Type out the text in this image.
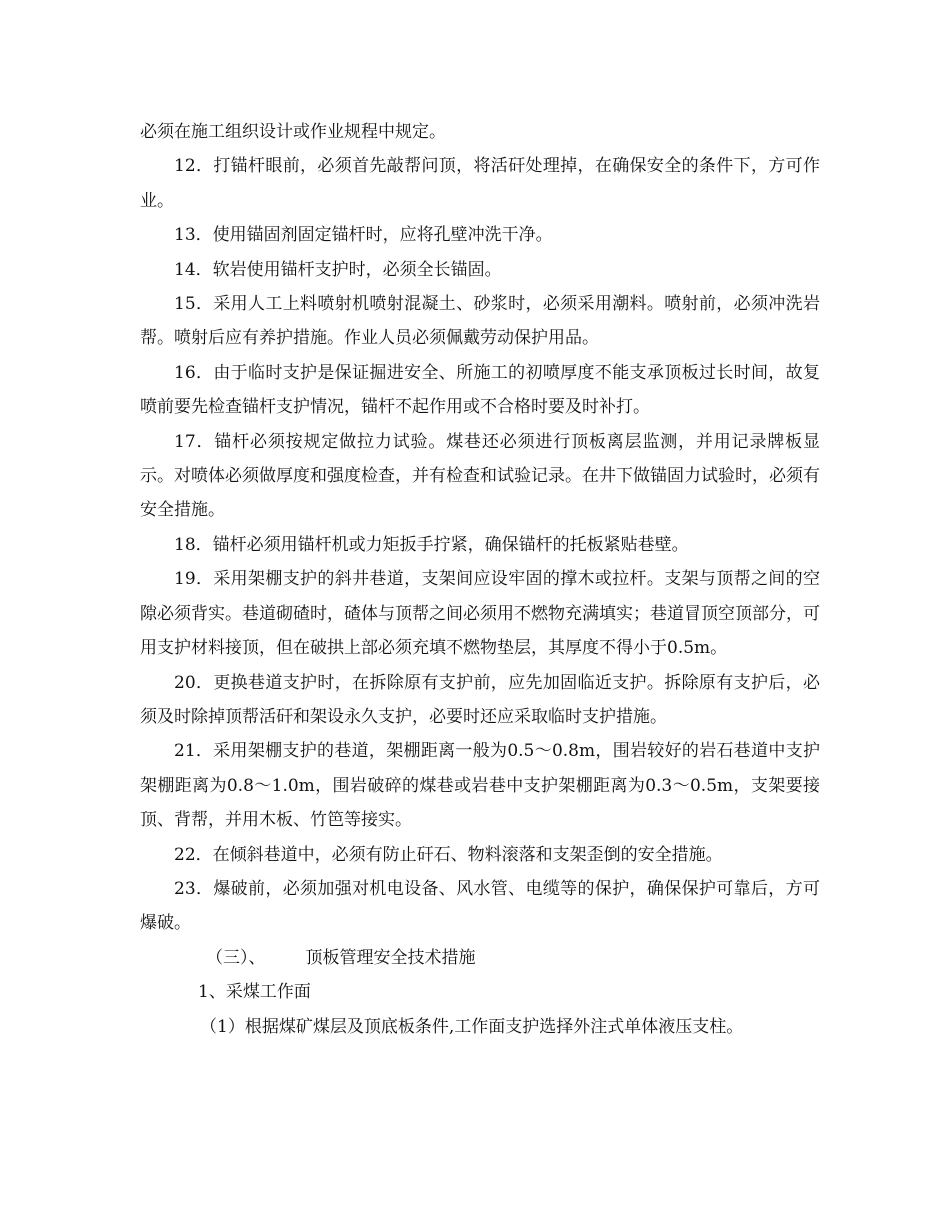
必须在施工组织设计或作业规程中规定。

12．打锚杆眼前，必须首先敲帮问顶，将活矸处理掉，在确保安全的条件下，方可作业。

13．使用锚固剂固定锚杆时，应将孔壁冲洗干净。

14．软岩使用锚杆支护时，必须全长锚固。

15．采用人工上料喷射机喷射混凝土、砂浆时，必须采用潮料。喷射前，必须冲洗岩帮。喷射后应有养护措施。作业人员必须佩戴劳动保护用品。

16．由于临时支护是保证掘进安全、所施工的初喷厚度不能支承顶板过长时间，故复喷前要先检查锚杆支护情况，锚杆不起作用或不合格时要及时补打。

17．锚杆必须按规定做拉力试验。煤巷还必须进行顶板离层监测，并用记录牌板显示。对喷体必须做厚度和强度检查，并有检查和试验记录。在井下做锚固力试验时，必须有安全措施。

18．锚杆必须用锚杆机或力矩扳手拧紧，确保锚杆的托板紧贴巷壁。

19．采用架棚支护的斜井巷道，支架间应设牢固的撑木或拉杆。支架与顶帮之间的空隙必须背实。巷道砌碴时，碴体与顶帮之间必须用不燃物充满填实；巷道冒顶空顶部分，可用支护材料接顶，但在破拱上部必须充填不燃物垫层，其厚度不得小于0.5m。

20．更换巷道支护时，在拆除原有支护前，应先加固临近支护。拆除原有支护后，必须及时除掉顶帮活矸和架设永久支护，必要时还应采取临时支护措施。

21．采用架棚支护的巷道，架棚距离一般为0.5～0.8m，围岩较好的岩石巷道中支护架棚距离为0.8～1.0m，围岩破碎的煤巷或岩巷中支护架棚距离为0.3～0.5m，支架要接顶、背帮，并用木板、竹笆等接实。

22．在倾斜巷道中，必须有防止矸石、物料滚落和支架歪倒的安全措施。

23．爆破前，必须加强对机电设备、风水管、电缆等的保护，确保保护可靠后，方可爆破。

（三）、 顶板管理安全技术措施

1、采煤工作面

（1）根据煤矿煤层及顶底板条件,工作面支护选择外注式单体液压支柱。
